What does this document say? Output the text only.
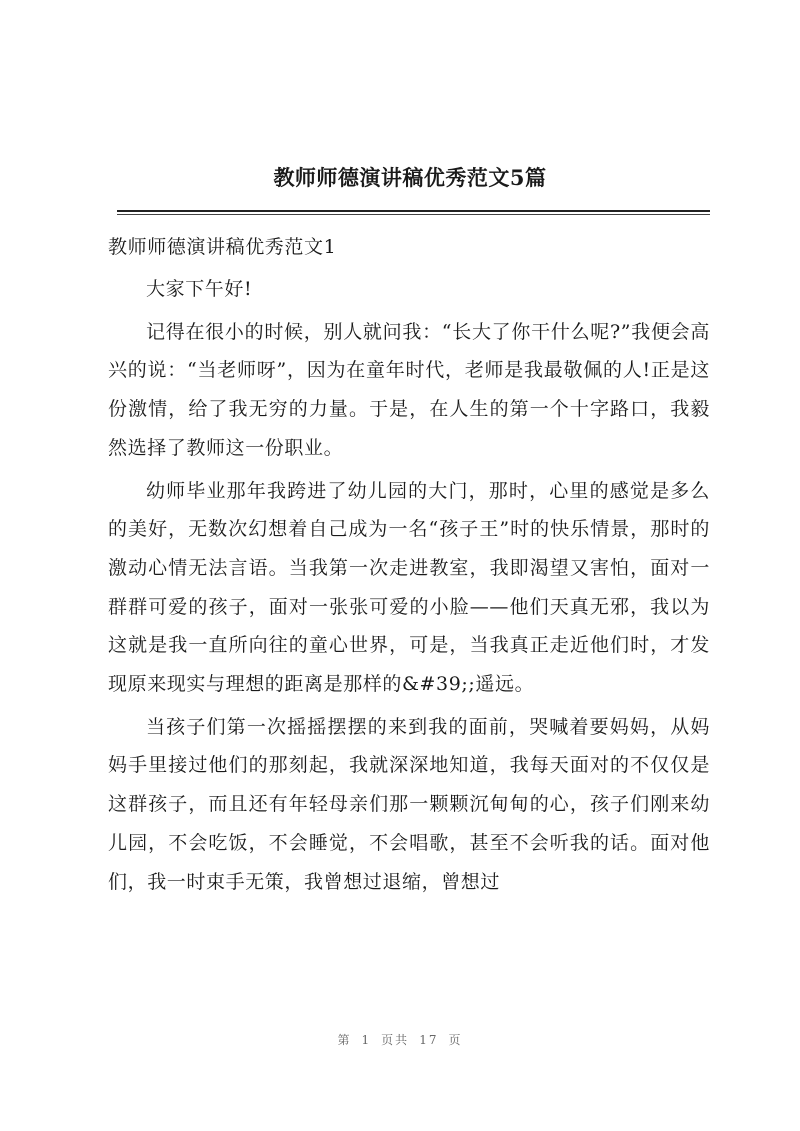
教师师德演讲稿优秀范文5篇

教师师德演讲稿优秀范文1

大家下午好!

记得在很小的时候，别人就问我：“长大了你干什么呢?”我便会高兴的说：“当老师呀”，因为在童年时代，老师是我最敬佩的人!正是这份激情，给了我无穷的力量。于是，在人生的第一个十字路口，我毅然选择了教师这一份职业。

幼师毕业那年我跨进了幼儿园的大门，那时，心里的感觉是多么的美好，无数次幻想着自己成为一名“孩子王”时的快乐情景，那时的激动心情无法言语。当我第一次走进教室，我即渴望又害怕，面对一群群可爱的孩子，面对一张张可爱的小脸——他们天真无邪，我以为这就是我一直所向往的童心世界，可是，当我真正走近他们时，才发现原来现实与理想的距离是那样的&#39;;遥远。

当孩子们第一次摇摇摆摆的来到我的面前，哭喊着要妈妈，从妈妈手里接过他们的那刻起，我就深深地知道，我每天面对的不仅仅是这群孩子，而且还有年轻母亲们那一颗颗沉甸甸的心，孩子们刚来幼儿园，不会吃饭，不会睡觉，不会唱歌，甚至不会听我的话。面对他们，我一时束手无策，我曾想过退缩，曾想过

第 1 页共 17 页
